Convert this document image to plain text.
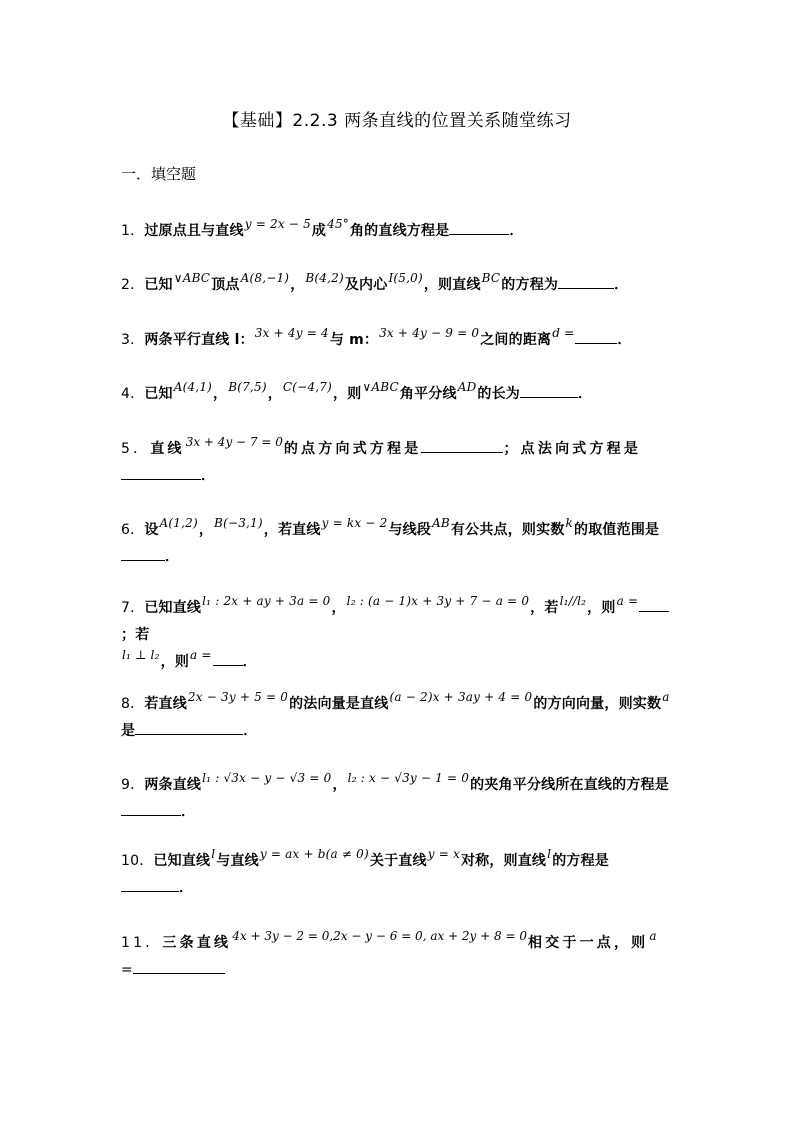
【基础】2.2.3 两条直线的位置关系随堂练习
一．填空题
1．过原点且与直线y = 2x − 5成45°角的直线方程是	．
2．已知∨ABC顶点A(8,−1)，B(4,2)及内心I(5,0)，则直线BC的方程为	．
3．两条平行直线 l：3x + 4y = 4与 m：3x + 4y − 9 = 0之间的距离d =	．
4．已知A(4,1)，B(7,5)，C(−4,7)，则∨ABC角平分线AD的长为	．
5．直线3x + 4y − 7 = 0的点方向式方程是	；点法向式方程是
．
6．设A(1,2)，B(−3,1)，若直线y = kx − 2与线段AB有公共点，则实数k的取值范围是．
7．已知直线l₁ : 2x + ay + 3a = 0，l₂ : (a − 1)x + 3y + 7 − a = 0，若l₁//l₂，则a =；若
l₁ ⊥ l₂，则a = ．
8．若直线2x − 3y + 5 = 0的法向量是直线(a − 2)x + 3ay + 4 = 0的方向向量，则实数a
是	．
9．两条直线l₁ : √3x − y − √3 = 0，l₂ : x − √3y − 1 = 0的夹角平分线所在直线的方程是
．
10．已知直线l与直线y = ax + b(a ≠ 0)关于直线y = x对称，则直线l的方程是
．
11．三条直线4x + 3y − 2 = 0,2x − y − 6 = 0, ax + 2y + 8 = 0相交于一点，则a
=
